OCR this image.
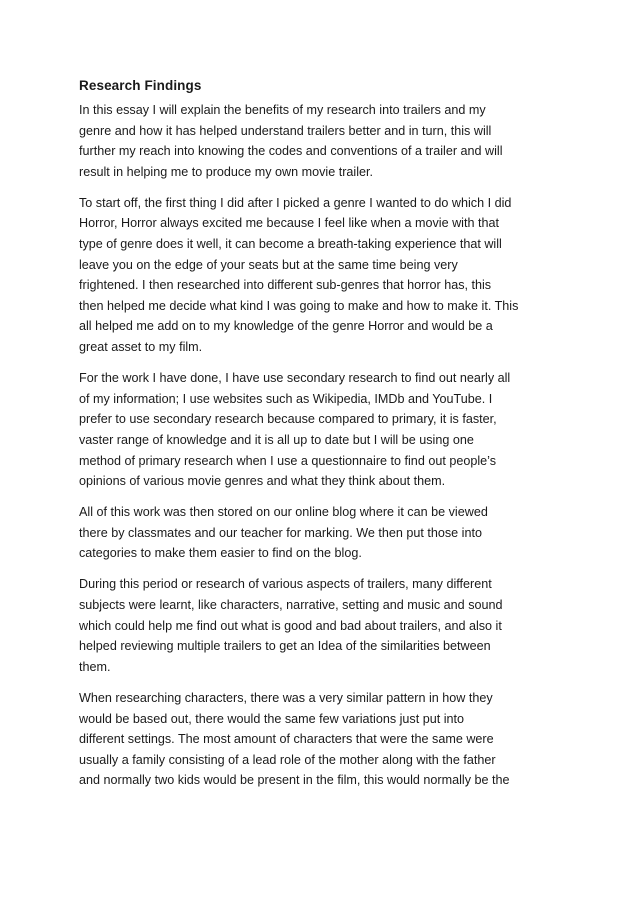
Research Findings
In this essay I will explain the benefits of my research into trailers and my
genre and how it has helped understand trailers better and in turn, this will
further my reach into knowing the codes and conventions of a trailer and will
result in helping me to produce my own movie trailer.
To start off, the first thing I did after I picked a genre I wanted to do which I did
Horror, Horror always excited me because I feel like when a movie with that
type of genre does it well, it can become a breath-taking experience that will
leave you on the edge of your seats but at the same time being very
frightened. I then researched into different sub-genres that horror has, this
then helped me decide what kind I was going to make and how to make it. This
all helped me add on to my knowledge of the genre Horror and would be a
great asset to my film.
For the work I have done, I have use secondary research to find out nearly all
of my information; I use websites such as Wikipedia, IMDb and YouTube. I
prefer to use secondary research because compared to primary, it is faster,
vaster range of knowledge and it is all up to date but I will be using one
method of primary research when I use a questionnaire to find out people’s
opinions of various movie genres and what they think about them.
All of this work was then stored on our online blog where it can be viewed
there by classmates and our teacher for marking. We then put those into
categories to make them easier to find on the blog.
During this period or research of various aspects of trailers, many different
subjects were learnt, like characters, narrative, setting and music and sound
which could help me find out what is good and bad about trailers, and also it
helped reviewing multiple trailers to get an Idea of the similarities between
them.
When researching characters, there was a very similar pattern in how they
would be based out, there would the same few variations just put into
different settings. The most amount of characters that were the same were
usually a family consisting of a lead role of the mother along with the father
and normally two kids would be present in the film, this would normally be the
